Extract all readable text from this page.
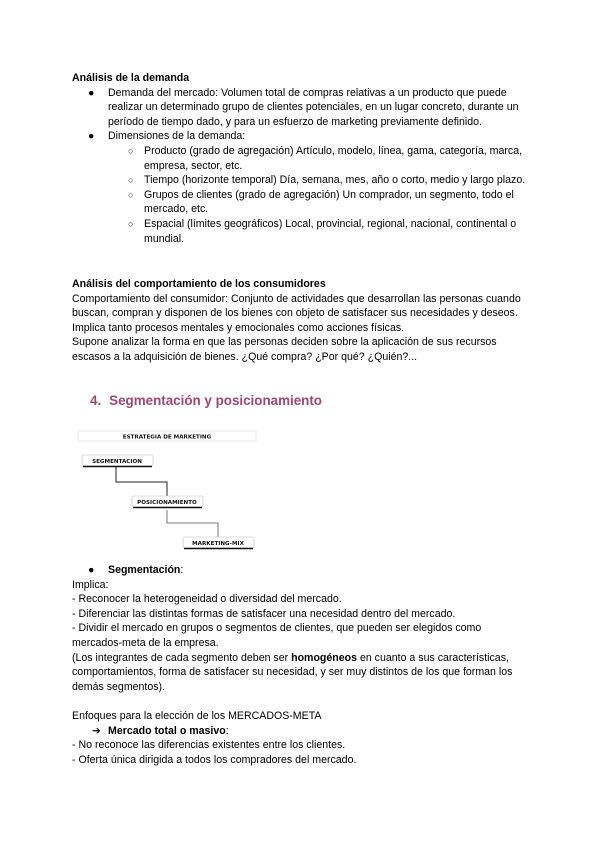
Análisis de la demanda

● Demanda del mercado: Volumen total de compras relativas a un producto que puede realizar un determinado grupo de clientes potenciales, en un lugar concreto, durante un período de tiempo dado, y para un esfuerzo de marketing previamente definido.
● Dimensiones de la demanda:
○ Producto (grado de agregación) Artículo, modelo, línea, gama, categoría, marca, empresa, sector, etc.
○ Tiempo (horizonte temporal) Día, semana, mes, año o corto, medio y largo plazo.
○ Grupos de clientes (grado de agregación) Un comprador, un segmento, todo el mercado, etc.
○ Espacial (límites geográficos) Local, provincial, regional, nacional, continental o mundial.

Análisis del comportamiento de los consumidores

Comportamiento del consumidor: Conjunto de actividades que desarrollan las personas cuando buscan, compran y disponen de los bienes con objeto de satisfacer sus necesidades y deseos. Implica tanto procesos mentales y emocionales como acciones físicas.

Supone analizar la forma en que las personas deciden sobre la aplicación de sus recursos escasos a la adquisición de bienes. ¿Qué compra? ¿Por qué? ¿Quién?...

4. Segmentación y posicionamiento
ESTRATEGIA DE MARKETING
SEGMENTACION
POSICIONAMIENTO
MARKETING-MIX

● Segmentación:

Implica:

- Reconocer la heterogeneidad o diversidad del mercado.

- Diferenciar las distintas formas de satisfacer una necesidad dentro del mercado.

- Dividir el mercado en grupos o segmentos de clientes, que pueden ser elegidos como mercados-meta de la empresa.

(Los integrantes de cada segmento deben ser homogéneos en cuanto a sus características, comportamientos, forma de satisfacer su necesidad, y ser muy distintos de los que forman los demás segmentos).

Enfoques para la elección de los MERCADOS-META

➔ Mercado total o masivo:

- No reconoce las diferencias existentes entre los clientes.

- Oferta única dirigida a todos los compradores del mercado.
